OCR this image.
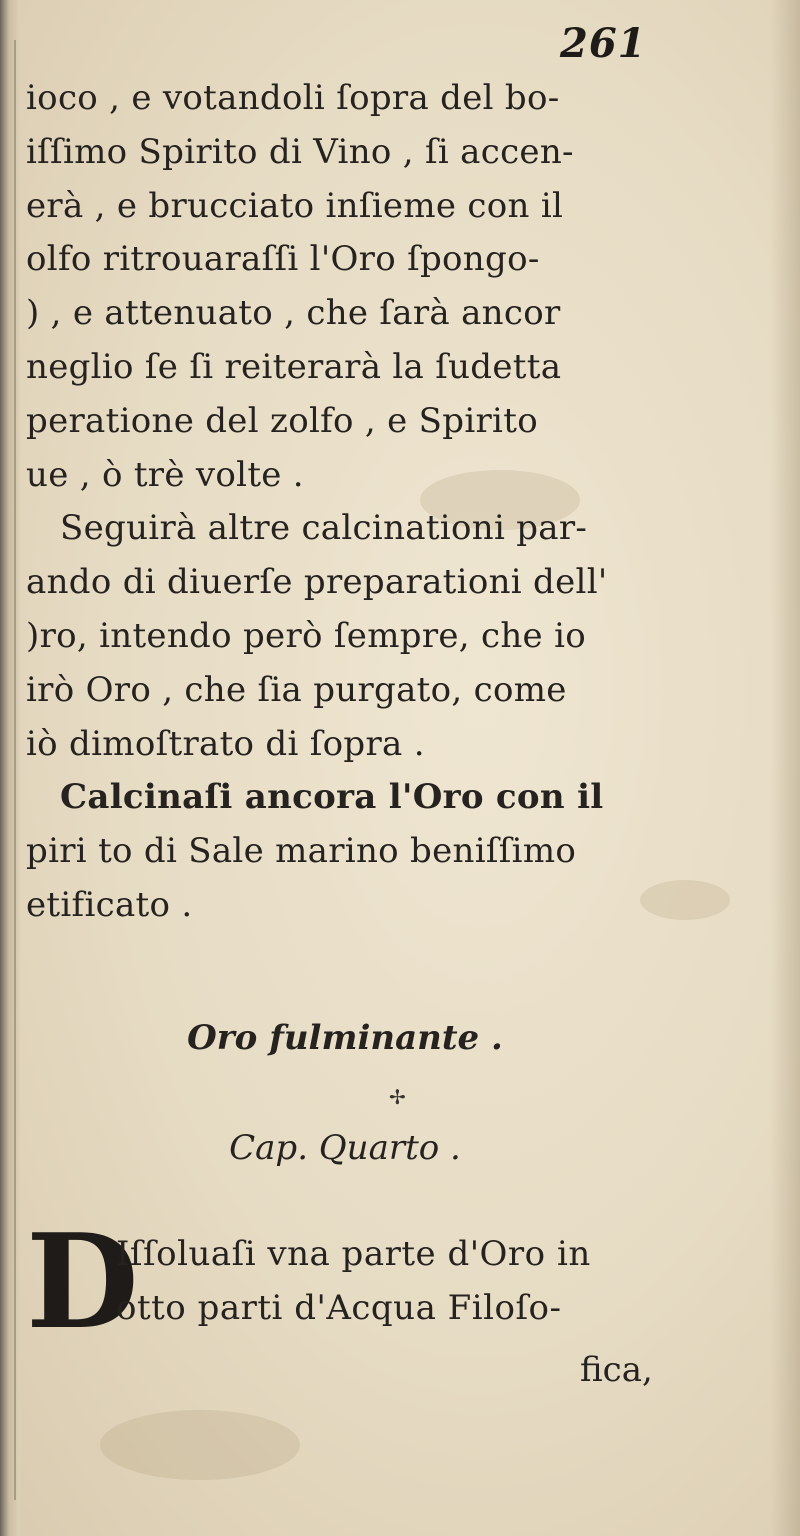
261
ioco , e votandoli ſopra del bo-
iſſimo Spirito di Vino , ſi accen-
erà , e brucciato inſieme con il
olfo ritrouaraſſi l'Oro ſpongo-
) , e attenuato , che ſarà ancor
neglio ſe ſi reiterarà la ſudetta
perationе del zolfo , e Spirito
ue , ò trè volte .
Seguirà altre calcinationi par-
ando di diuerſe preparationi dell'
)ro, intendo però ſempre, che io
irò Oro , che ſia purgato, come
iò dimoſtrato di ſopra .
Calcinaſi ancora l'Oro con il
piri to di Sale marino beniſſimo
etificato .
Oro fulminante .
✢
Cap. Quarto .
D
Iſſoluaſi vna parte d'Oro in
otto parti d'Acqua Filoſo-
fica,
